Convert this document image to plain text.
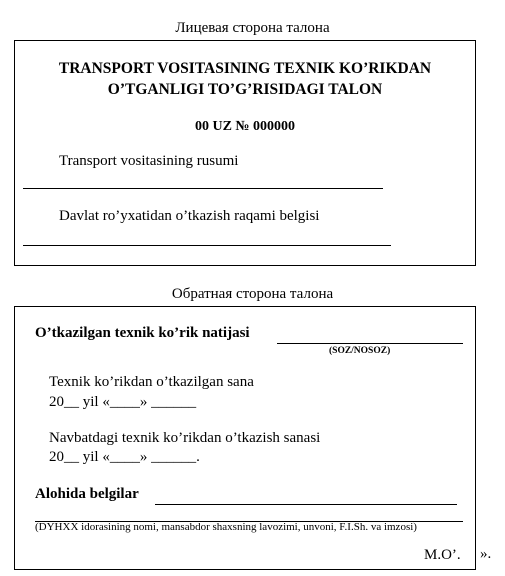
Лицевая сторона талона
TRANSPORT VOSITASINING TEXNIK KO’RIKDAN
O’TGANLIGI TO’G’RISIDAGI TALON
00 UZ № 000000
Transport vositasining rusumi
Davlat ro’yxatidan o’tkazish raqami belgisi
Обратная сторона талона
O’tkazilgan texnik ko’rik natijasi
(SOZ/NOSOZ)
Texnik ko’rikdan o’tkazilgan sana
20__ yil «____» ______
Navbatdagi texnik ko’rikdan o’tkazish sanasi
20__ yil «____» ______.
Alohida belgilar
(DYHXX idorasining nomi, mansabdor shaxsning lavozimi, unvoni, F.I.Sh. va imzosi)
M.O’. ».
